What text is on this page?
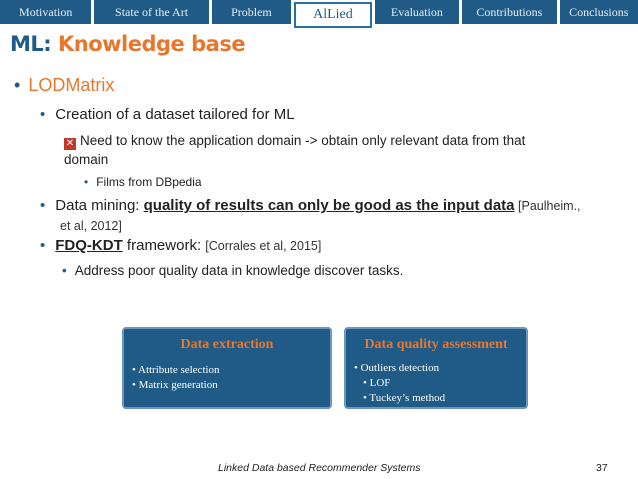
Motivation	State of the Art	Problem	AlLied	Evaluation	Contributions	Conclusions
ML: Knowledge base
• LODMatrix
• Creation of a dataset tailored for ML
✕ Need to know the application domain -> obtain only relevant data from that
domain
• Films from DBpedia
• Data mining: quality of results can only be good as the input data [Paulheim.,
et al, 2012]
• FDQ-KDT framework: [Corrales et al, 2015]
• Address poor quality data in knowledge discover tasks.
Data extraction
• Attribute selection
• Matrix generation
Data quality assessment
• Outliers detection
• LOF
• Tuckey’s method
Linked Data based Recommender Systems	37
